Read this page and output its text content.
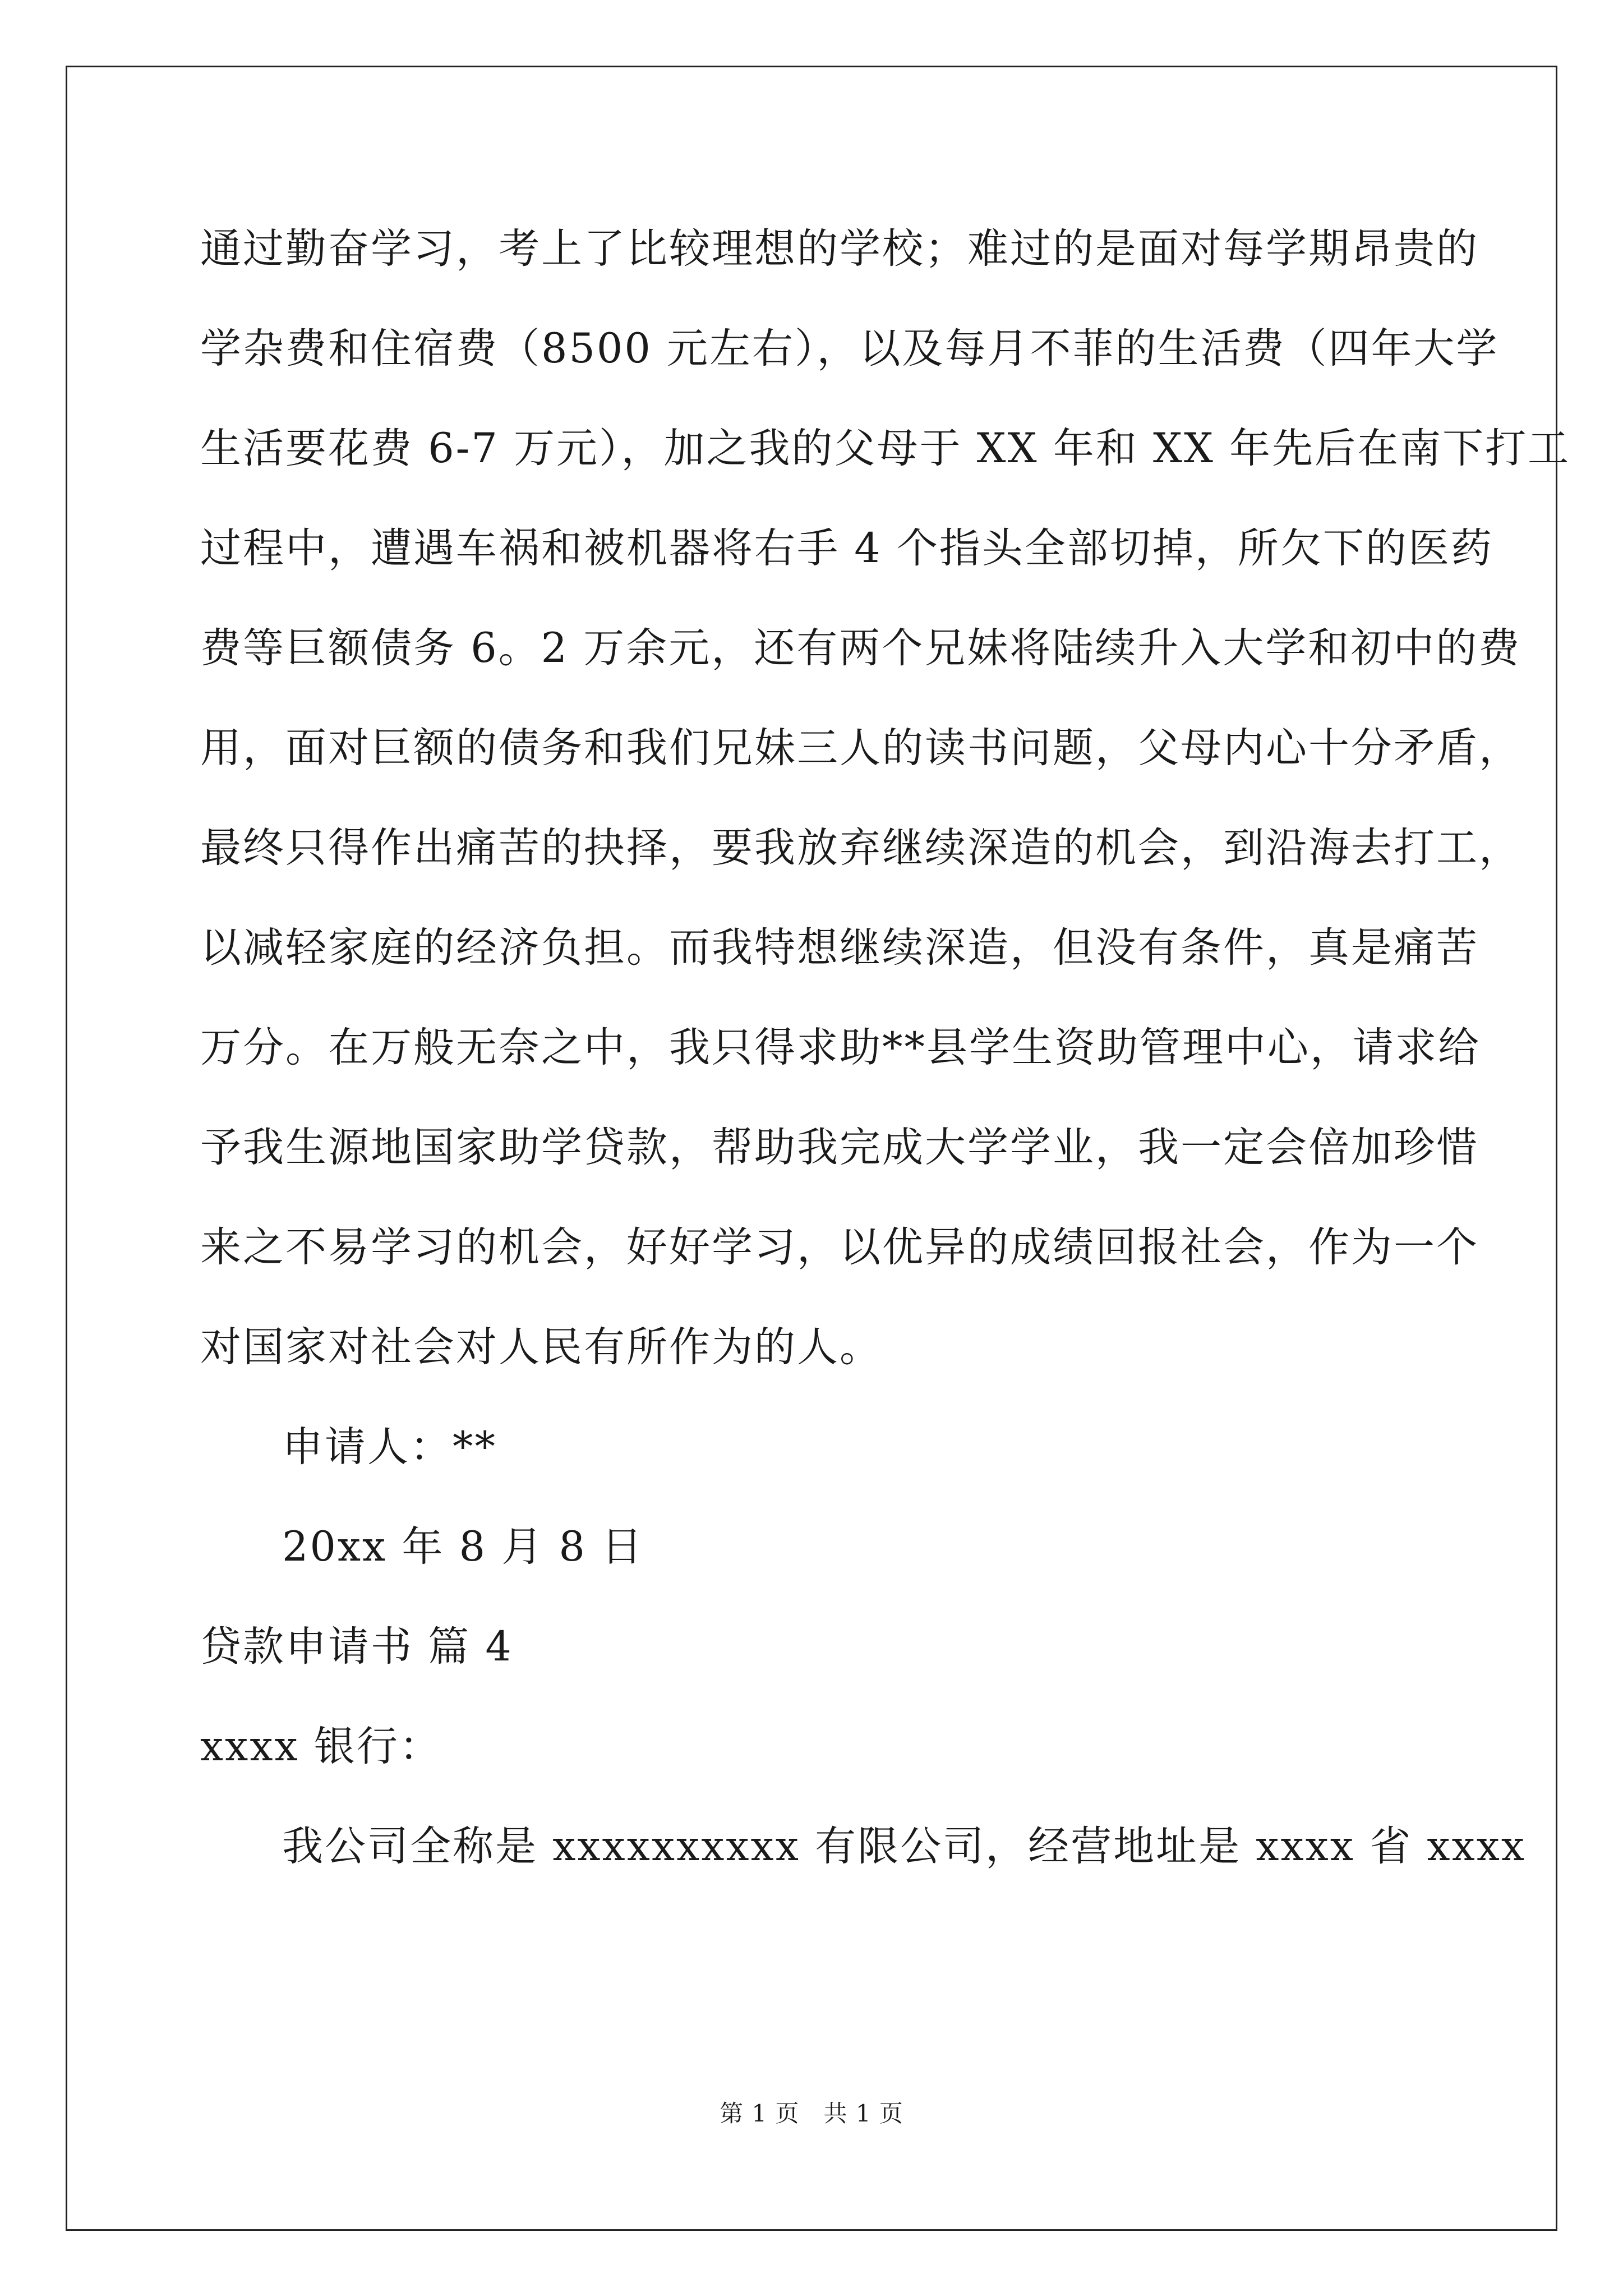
通过勤奋学习，考上了比较理想的学校；难过的是面对每学期昂贵的
学杂费和住宿费（8500 元左右），以及每月不菲的生活费（四年大学
生活要花费 6-7 万元），加之我的父母于 XX 年和 XX 年先后在南下打工
过程中，遭遇车祸和被机器将右手 4 个指头全部切掉，所欠下的医药
费等巨额债务 6。2 万余元，还有两个兄妹将陆续升入大学和初中的费
用，面对巨额的债务和我们兄妹三人的读书问题，父母内心十分矛盾，
最终只得作出痛苦的抉择，要我放弃继续深造的机会，到沿海去打工，
以减轻家庭的经济负担。而我特想继续深造，但没有条件，真是痛苦
万分。在万般无奈之中，我只得求助**县学生资助管理中心，请求给
予我生源地国家助学贷款，帮助我完成大学学业，我一定会倍加珍惜
来之不易学习的机会，好好学习，以优异的成绩回报社会，作为一个
对国家对社会对人民有所作为的人。
申请人：**
20xx 年 8 月 8 日
贷款申请书 篇 4
xxxx 银行：
我公司全称是 xxxxxxxxxx 有限公司，经营地址是 xxxx 省 xxxx
第 1 页　共 1 页
